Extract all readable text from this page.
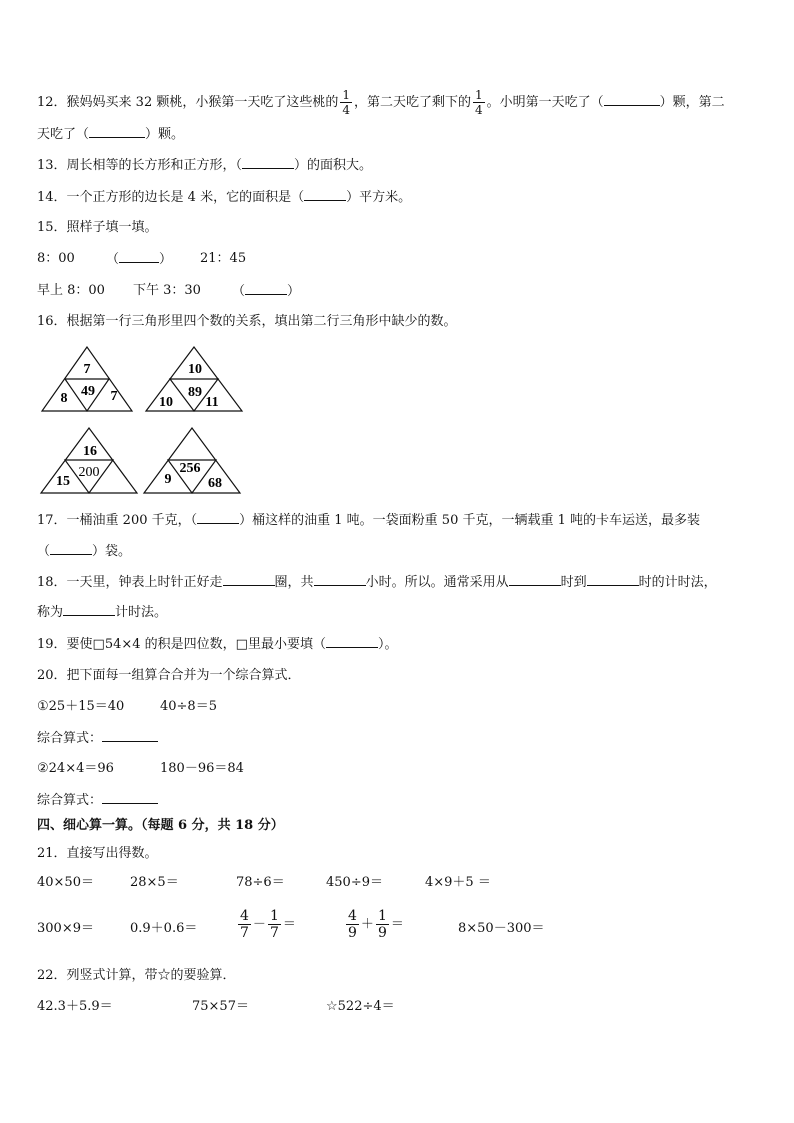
12．猴妈妈买来 32 颗桃，小猴第一天吃了这些桃的 $\frac{1}{4}$ ，第二天吃了剩下的 $\frac{1}{4}$ 。小明第一天吃了（	）颗，第二
天吃了（	）颗。
13．周长相等的长方形和正方形，（	）的面积大。
14．一个正方形的边长是 4 米，它的面积是（	）平方米。
15．照样子填一填。
8：00 （	） 21：45
早上 8：00 下午 3：30 （	）
16．根据第一行三角形里四个数的关系，填出第二行三角形中缺少的数。
7
49
8	7
10
89
10 11
16
200
15
256
9	68
17．一桶油重 200 千克，（	）桶这样的油重 1 吨。一袋面粉重 50 千克，一辆载重 1 吨的卡车运送，最多装
（	）袋。
18．一天里，钟表上时针正好走	圈，共	小时。所以。通常采用从	时到	时的计时法，
称为	计时法。
19．要使□54×4 的积是四位数，□里最小要填（	）。
20．把下面每一组算合合并为一个综合算式．
①25＋15＝40	40÷8＝5
综合算式：
②24×4＝96	180－96＝84
综合算式：
四、细心算一算。（每题 6 分，共 18 分）
21．直接写出得数。
40×50＝	28×5＝	78÷6＝	450÷9＝	4×9＋5 ＝
300×9＝	0.9＋0.6＝	$\frac{4}{7} - \frac{1}{7}$ ＝	$\frac{4}{9} + \frac{1}{9}$ ＝	8×50－300＝
22．列竖式计算，带☆的要验算．
42.3＋5.9＝	75×57＝	☆522÷4＝
